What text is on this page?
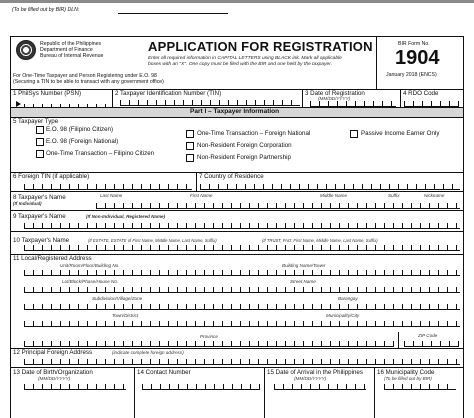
(To be filled out by BIR) DLN:
Republic of the Philippines
Department of Finance
Bureau of Internal Revenue
APPLICATION FOR REGISTRATION
Enter all required information in CAPITAL LETTERS using BLACK ink. Mark all applicable
boxes with an "X". One copy must be filed with the BIR and one held by the taxpayer.
BIR Form No.
1904
January 2018 (ENCS)
For One-Time Taxpayer and Person Registering under E.O. 98
(Securing a TIN to be able to transact with any government office)
1 PhilSys Number (PSN)	2 Taxpayer Identification Number (TIN)	3 Date of Registration
(MM/DD/YYYY)
4 RDO Code
Part I – Taxpayer Information
5 Taxpayer Type
E.O. 98 (Filipino Citizen)
E.O. 98 (Foreign National)
One-Time Transaction – Filipino Citizen
One-Time Transaction – Foreign National
Non-Resident Foreign Corporation
Non-Resident Foreign Partnership
Passive Income Earner Only
6 Foreign TIN (if applicable)	7 Country of Residence
8 Taxpayer's Name
(If Individual)
Last Name	First Name	Middle Name	Suffix	Nickname
9 Taxpayer's Name	(If Non-Individual, Registered Name)
10 Taxpayer's Name	(If ESTATE, ESTATE of First Name, Middle Name, Last Name, Suffix)	(If TRUST, FAO: First Name, Middle Name, Last Name, Suffix)
11 Local/Registered Address
Unit/Room/Floor/Building No.	Building Name/Tower
Lot/Block/Phase/House No.	Street Name
Subdivision/Village/Zone	Barangay
Town/District	Municipality/City
Province	ZIP Code
12 Principal Foreign Address	(indicate complete foreign address)
13 Date of Birth/Organization
(MM/DD/YYYY)
14 Contact Number	15 Date of Arrival in the Philippines
(MM/DD/YYYY)
16 Municipality Code
(To be filled out by BIR)
